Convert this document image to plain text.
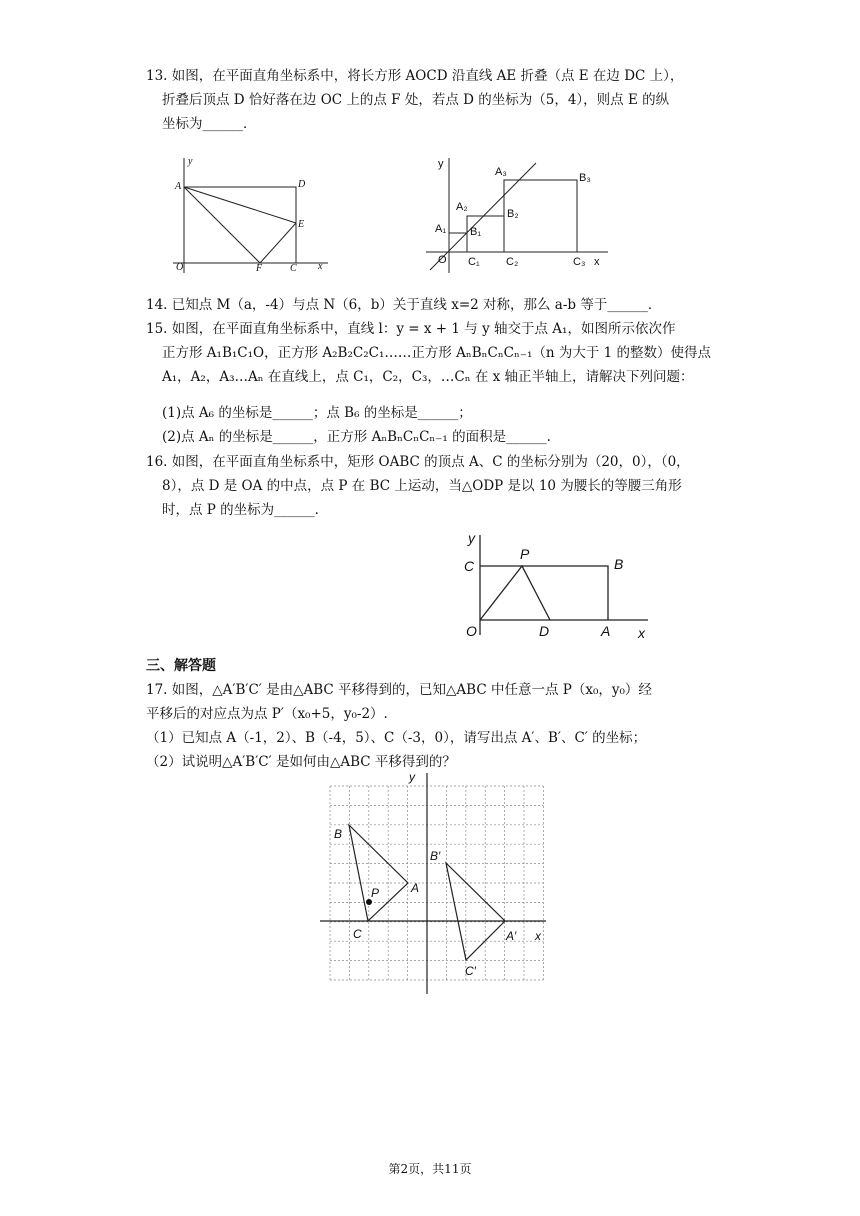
13. 如图，在平面直角坐标系中，将长方形 AOCD 沿直线 AE 折叠（点 E 在边 DC 上），
折叠后顶点 D 恰好落在边 OC 上的点 F 处，若点 D 的坐标为（5，4），则点 E 的纵
坐标为______．
y
x
A	D
E
O	F	C
y
x
O
A₁
A₂
A₃
B₁
B₂
B₃
C₁ C₂	C₃
14. 已知点 M（a，-4）与点 N（6，b）关于直线 x=2 对称，那么 a-b 等于______．
15. 如图，在平面直角坐标系中，直线 l：y = x + 1 与 y 轴交于点 A₁，如图所示依次作
正方形 A₁B₁C₁O，正方形 A₂B₂C₂C₁……正方形 AₙBₙCₙCₙ₋₁（n 为大于 1 的整数）使得点
A₁，A₂，A₃…Aₙ 在直线上，点 C₁，C₂，C₃，…Cₙ 在 x 轴正半轴上，请解决下列问题：
(1)点 A₆ 的坐标是______；点 B₆ 的坐标是______；
(2)点 Aₙ 的坐标是______，正方形 AₙBₙCₙCₙ₋₁ 的面积是______.
16. 如图，在平面直角坐标系中，矩形 OABC 的顶点 A、C 的坐标分别为（20，0），（0，
8），点 D 是 OA 的中点，点 P 在 BC 上运动，当△ODP 是以 10 为腰长的等腰三角形
时，点 P 的坐标为______．
y
x
C
P
B
O	D	A
三、解答题
17. 如图，△A′B′C′ 是由△ABC 平移得到的，已知△ABC 中任意一点 P（x₀，y₀）经
平移后的对应点为点 P′（x₀+5，y₀-2）.
（1）已知点 A（-1，2）、B（-4，5）、C（-3，0），请写出点 A′、B′、C′ 的坐标；
（2）试说明△A′B′C′ 是如何由△ABC 平移得到的？
y
x
B
A
P
C
B′
A′
C′
第2页，共11页
